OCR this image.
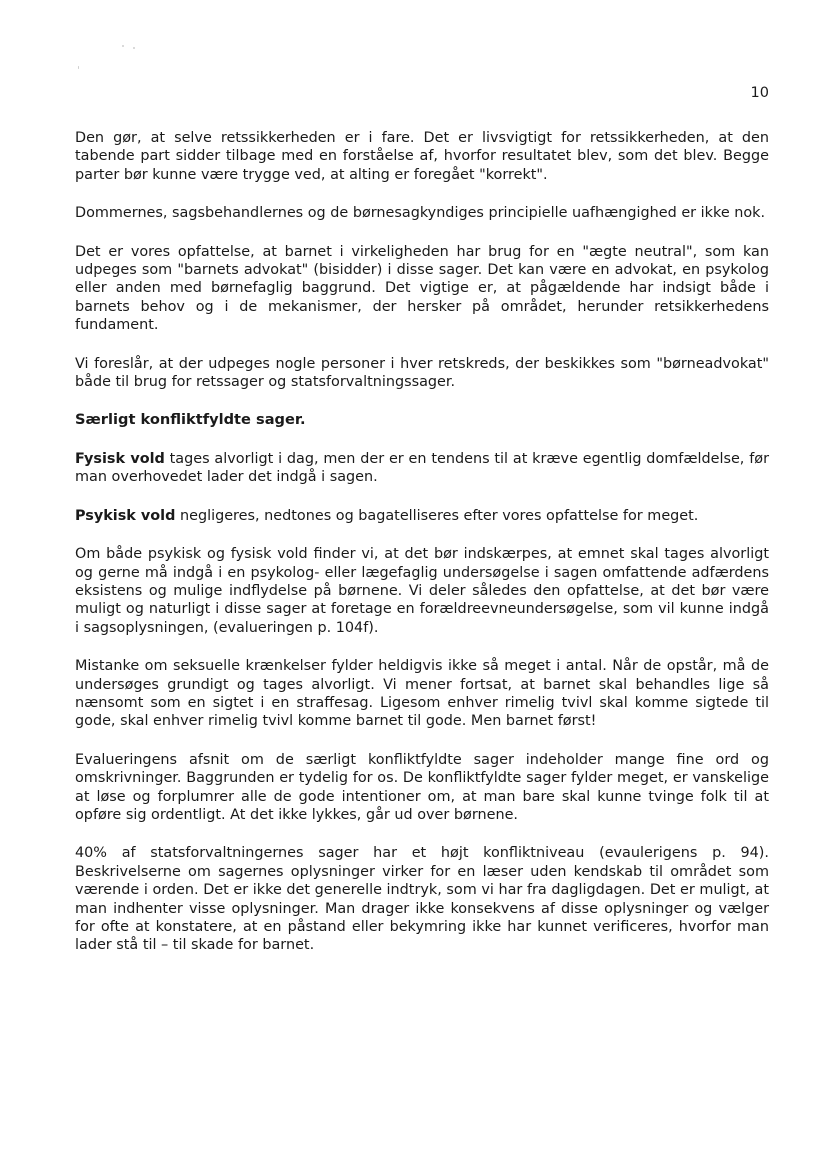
10

Den gør, at selve retssikkerheden er i fare. Det er livsvigtigt for retssikkerheden, at den tabende part sidder tilbage med en forståelse af, hvorfor resultatet blev, som det blev. Begge parter bør kunne være trygge ved, at alting er foregået "korrekt".

Dommernes, sagsbehandlernes og de børnesagkyndiges principielle uafhængighed er ikke nok.

Det er vores opfattelse, at barnet i virkeligheden har brug for en "ægte neutral", som kan udpeges som "barnets advokat" (bisidder) i disse sager. Det kan være en advokat, en psykolog eller anden med børnefaglig baggrund. Det vigtige er, at pågældende har indsigt både i barnets behov og i de mekanismer, der hersker på området, herunder retsikkerhedens fundament.

Vi foreslår, at der udpeges nogle personer i hver retskreds, der beskikkes som "børneadvokat" både til brug for retssager og statsforvaltningssager.

Særligt konfliktfyldte sager.

Fysisk vold tages alvorligt i dag, men der er en tendens til at kræve egentlig domfældelse, før man overhovedet lader det indgå i sagen.

Psykisk vold negligeres, nedtones og bagatelliseres efter vores opfattelse for meget.

Om både psykisk og fysisk vold finder vi, at det bør indskærpes, at emnet skal tages alvorligt og gerne må indgå i en psykolog- eller lægefaglig undersøgelse i sagen omfattende adfærdens eksistens og mulige indflydelse på børnene. Vi deler således den opfattelse, at det bør være muligt og naturligt i disse sager at foretage en forældreevneundersøgelse, som vil kunne indgå i sagsoplysningen, (evalueringen p. 104f).

Mistanke om seksuelle krænkelser fylder heldigvis ikke så meget i antal. Når de opstår, må de undersøges grundigt og tages alvorligt. Vi mener fortsat, at barnet skal behandles lige så nænsomt som en sigtet i en straffesag. Ligesom enhver rimelig tvivl skal komme sigtede til gode, skal enhver rimelig tvivl komme barnet til gode. Men barnet først!

Evalueringens afsnit om de særligt konfliktfyldte sager indeholder mange fine ord og omskrivninger. Baggrunden er tydelig for os. De konfliktfyldte sager fylder meget, er vanskelige at løse og forplumrer alle de gode intentioner om, at man bare skal kunne tvinge folk til at opføre sig ordentligt. At det ikke lykkes, går ud over børnene.

40% af statsforvaltningernes sager har et højt konfliktniveau (evaulerigens p. 94). Beskrivelserne om sagernes oplysninger virker for en læser uden kendskab til området som værende i orden. Det er ikke det generelle indtryk, som vi har fra dagligdagen. Det er muligt, at man indhenter visse oplysninger. Man drager ikke konsekvens af disse oplysninger og vælger for ofte at konstatere, at en påstand eller bekymring ikke har kunnet verificeres, hvorfor man lader stå til – til skade for barnet.
